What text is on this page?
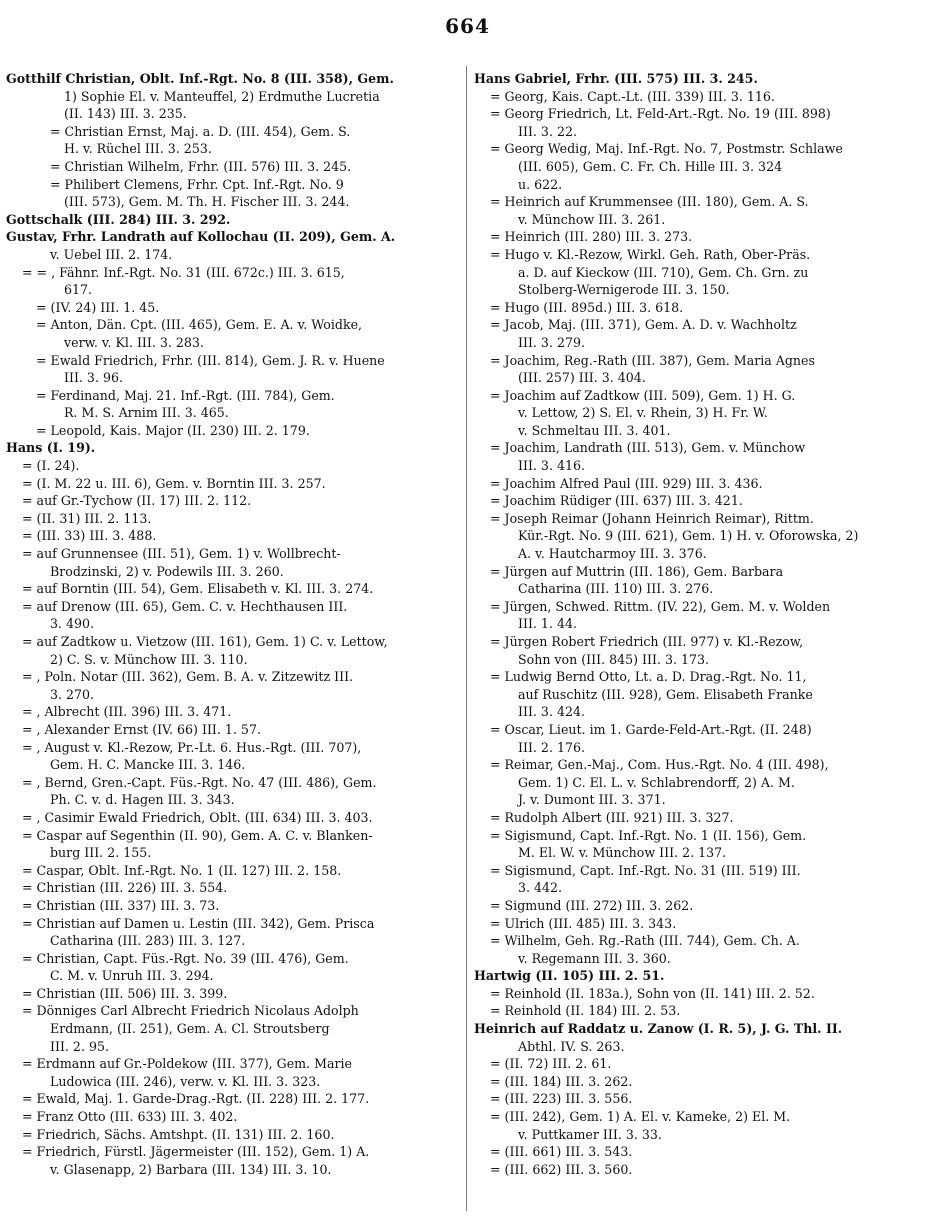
664
Gotthilf Christian, Oblt. Inf.-Rgt. No. 8 (III. 358), Gem.
1) Sophie El. v. Manteuffel, 2) Erdmuthe Lucretia
(II. 143) III. 3. 235.
= Christian Ernst, Maj. a. D. (III. 454), Gem. S.
H. v. Rüchel III. 3. 253.
= Christian Wilhelm, Frhr. (III. 576) III. 3. 245.
= Philibert Clemens, Frhr. Cpt. Inf.-Rgt. No. 9
(III. 573), Gem. M. Th. H. Fischer III. 3. 244.
Gottschalk (III. 284) III. 3. 292.
Gustav, Frhr. Landrath auf Kollochau (II. 209), Gem. A.
v. Uebel III. 2. 174.
= = , Fähnr. Inf.-Rgt. No. 31 (III. 672c.) III. 3. 615,
617.
= (IV. 24) III. 1. 45.
= Anton, Dän. Cpt. (III. 465), Gem. E. A. v. Woidke,
verw. v. Kl. III. 3. 283.
= Ewald Friedrich, Frhr. (III. 814), Gem. J. R. v. Huene
III. 3. 96.
= Ferdinand, Maj. 21. Inf.-Rgt. (III. 784), Gem.
R. M. S. Arnim III. 3. 465.
= Leopold, Kais. Major (II. 230) III. 2. 179.
Hans (I. 19).
= (I. 24).
= (I. M. 22 u. III. 6), Gem. v. Borntin III. 3. 257.
= auf Gr.-Tychow (II. 17) III. 2. 112.
= (II. 31) III. 2. 113.
= (III. 33) III. 3. 488.
= auf Grunnensee (III. 51), Gem. 1) v. Wollbrecht-
Brodzinski, 2) v. Podewils III. 3. 260.
= auf Borntin (III. 54), Gem. Elisabeth v. Kl. III. 3. 274.
= auf Drenow (III. 65), Gem. C. v. Hechthausen III.
3. 490.
= auf Zadtkow u. Vietzow (III. 161), Gem. 1) C. v. Lettow,
2) C. S. v. Münchow III. 3. 110.
= , Poln. Notar (III. 362), Gem. B. A. v. Zitzewitz III.
3. 270.
= , Albrecht (III. 396) III. 3. 471.
= , Alexander Ernst (IV. 66) III. 1. 57.
= , August v. Kl.-Rezow, Pr.-Lt. 6. Hus.-Rgt. (III. 707),
Gem. H. C. Mancke III. 3. 146.
= , Bernd, Gren.-Capt. Füs.-Rgt. No. 47 (III. 486), Gem.
Ph. C. v. d. Hagen III. 3. 343.
= , Casimir Ewald Friedrich, Oblt. (III. 634) III. 3. 403.
= Caspar auf Segenthin (II. 90), Gem. A. C. v. Blanken-
burg III. 2. 155.
= Caspar, Oblt. Inf.-Rgt. No. 1 (II. 127) III. 2. 158.
= Christian (III. 226) III. 3. 554.
= Christian (III. 337) III. 3. 73.
= Christian auf Damen u. Lestin (III. 342), Gem. Prisca
Catharina (III. 283) III. 3. 127.
= Christian, Capt. Füs.-Rgt. No. 39 (III. 476), Gem.
C. M. v. Unruh III. 3. 294.
= Christian (III. 506) III. 3. 399.
= Dönniges Carl Albrecht Friedrich Nicolaus Adolph
Erdmann, (II. 251), Gem. A. Cl. Stroutsberg
III. 2. 95.
= Erdmann auf Gr.-Poldekow (III. 377), Gem. Marie
Ludowica (III. 246), verw. v. Kl. III. 3. 323.
= Ewald, Maj. 1. Garde-Drag.-Rgt. (II. 228) III. 2. 177.
= Franz Otto (III. 633) III. 3. 402.
= Friedrich, Sächs. Amtshpt. (II. 131) III. 2. 160.
= Friedrich, Fürstl. Jägermeister (III. 152), Gem. 1) A.
v. Glasenapp, 2) Barbara (III. 134) III. 3. 10.
Hans Gabriel, Frhr. (III. 575) III. 3. 245.
= Georg, Kais. Capt.-Lt. (III. 339) III. 3. 116.
= Georg Friedrich, Lt. Feld-Art.-Rgt. No. 19 (III. 898)
III. 3. 22.
= Georg Wedig, Maj. Inf.-Rgt. No. 7, Postmstr. Schlawe
(III. 605), Gem. C. Fr. Ch. Hille III. 3. 324
u. 622.
= Heinrich auf Krummensee (III. 180), Gem. A. S.
v. Münchow III. 3. 261.
= Heinrich (III. 280) III. 3. 273.
= Hugo v. Kl.-Rezow, Wirkl. Geh. Rath, Ober-Präs.
a. D. auf Kieckow (III. 710), Gem. Ch. Grn. zu
Stolberg-Wernigerode III. 3. 150.
= Hugo (III. 895d.) III. 3. 618.
= Jacob, Maj. (III. 371), Gem. A. D. v. Wachholtz
III. 3. 279.
= Joachim, Reg.-Rath (III. 387), Gem. Maria Agnes
(III. 257) III. 3. 404.
= Joachim auf Zadtkow (III. 509), Gem. 1) H. G.
v. Lettow, 2) S. El. v. Rhein, 3) H. Fr. W.
v. Schmeltau III. 3. 401.
= Joachim, Landrath (III. 513), Gem. v. Münchow
III. 3. 416.
= Joachim Alfred Paul (III. 929) III. 3. 436.
= Joachim Rüdiger (III. 637) III. 3. 421.
= Joseph Reimar (Johann Heinrich Reimar), Rittm.
Kür.-Rgt. No. 9 (III. 621), Gem. 1) H. v. Oforowska, 2)
A. v. Hautcharmoy III. 3. 376.
= Jürgen auf Muttrin (III. 186), Gem. Barbara
Catharina (III. 110) III. 3. 276.
= Jürgen, Schwed. Rittm. (IV. 22), Gem. M. v. Wolden
III. 1. 44.
= Jürgen Robert Friedrich (III. 977) v. Kl.-Rezow,
Sohn von (III. 845) III. 3. 173.
= Ludwig Bernd Otto, Lt. a. D. Drag.-Rgt. No. 11,
auf Ruschitz (III. 928), Gem. Elisabeth Franke
III. 3. 424.
= Oscar, Lieut. im 1. Garde-Feld-Art.-Rgt. (II. 248)
III. 2. 176.
= Reimar, Gen.-Maj., Com. Hus.-Rgt. No. 4 (III. 498),
Gem. 1) C. El. L. v. Schlabrendorff, 2) A. M.
J. v. Dumont III. 3. 371.
= Rudolph Albert (III. 921) III. 3. 327.
= Sigismund, Capt. Inf.-Rgt. No. 1 (II. 156), Gem.
M. El. W. v. Münchow III. 2. 137.
= Sigismund, Capt. Inf.-Rgt. No. 31 (III. 519) III.
3. 442.
= Sigmund (III. 272) III. 3. 262.
= Ulrich (III. 485) III. 3. 343.
= Wilhelm, Geh. Rg.-Rath (III. 744), Gem. Ch. A.
v. Regemann III. 3. 360.
Hartwig (II. 105) III. 2. 51.
= Reinhold (II. 183a.), Sohn von (II. 141) III. 2. 52.
= Reinhold (II. 184) III. 2. 53.
Heinrich auf Raddatz u. Zanow (I. R. 5), J. G. Thl. II.
Abthl. IV. S. 263.
= (II. 72) III. 2. 61.
= (III. 184) III. 3. 262.
= (III. 223) III. 3. 556.
= (III. 242), Gem. 1) A. El. v. Kameke, 2) El. M.
v. Puttkamer III. 3. 33.
= (III. 661) III. 3. 543.
= (III. 662) III. 3. 560.
